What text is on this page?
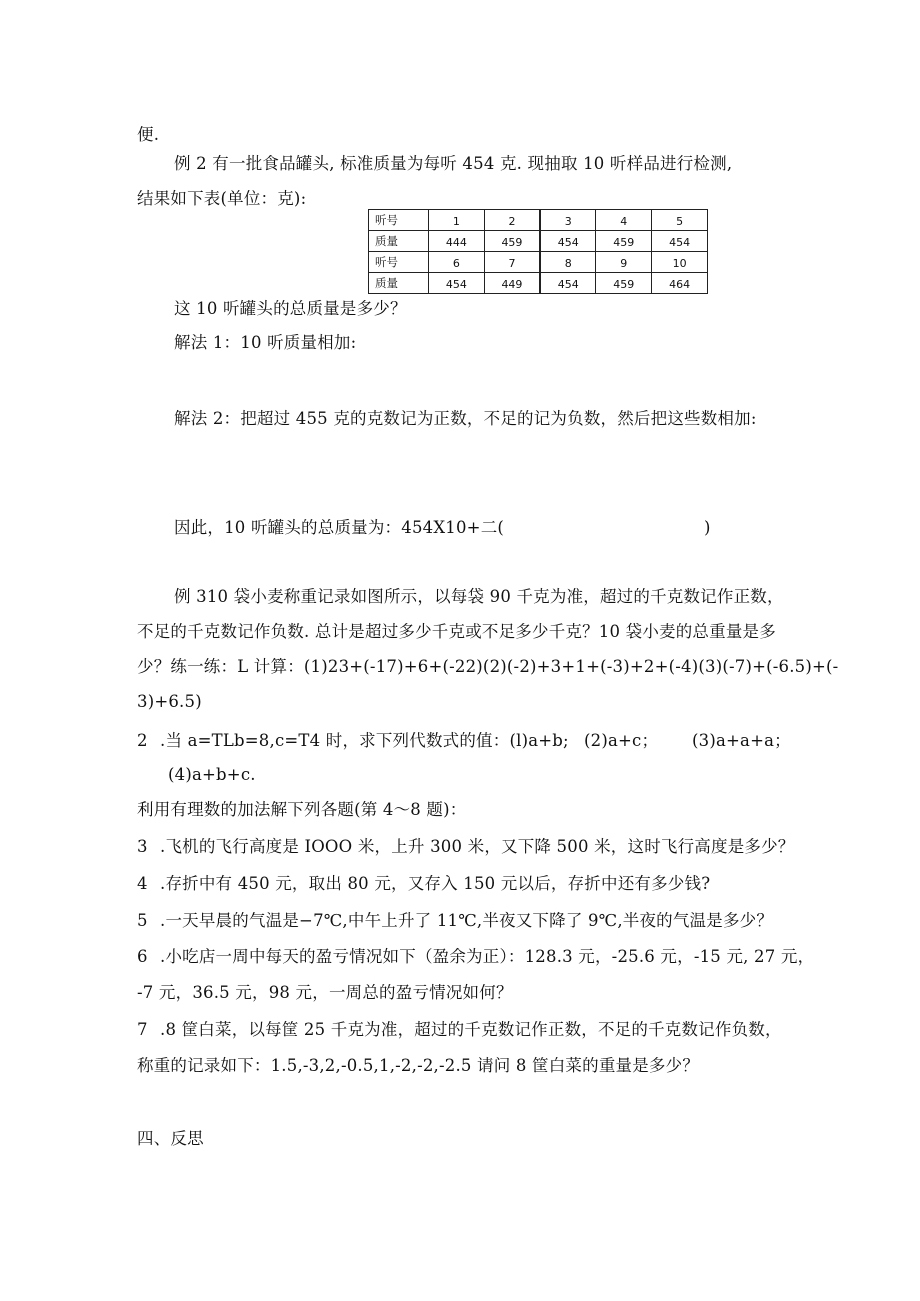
便.
例 2 有一批食品罐头, 标准质量为每听 454 克. 现抽取 10 听样品进行检测,
结果如下表(单位：克):
听号	1	2	3	4	5
质量	444	459	454	459	454
听号	6	7	8	9	10
质量	454	449	454	459	464
这 10 听罐头的总质量是多少？
解法 1：10 听质量相加:
解法 2：把超过 455 克的克数记为正数，不足的记为负数，然后把这些数相加:
因此，10 听罐头的总质量为：454X10+二(	)
例 310 袋小麦称重记录如图所示，以每袋 90 千克为准，超过的千克数记作正数，
不足的千克数记作负数. 总计是超过多少千克或不足多少千克？10 袋小麦的总重量是多
少？练一练：L 计算：(1)23+(-17)+6+(-22)(2)(-2)+3+1+(-3)+2+(-4)(3)(-7)+(-6.5)+(-
3)+6.5)
2 .当 a=TLb=8,c=T4 时，求下列代数式的值：(l)a+b; (2)a+c； (3)a+a+a；
(4)a+b+c.
利用有理数的加法解下列各题(第 4～8 题)：
3 .飞机的飞行高度是 IOOO 米，上升 300 米，又下降 500 米，这时飞行高度是多少？
4 .存折中有 450 元，取出 80 元，又存入 150 元以后，存折中还有多少钱?
5 .一天早晨的气温是−7℃,中午上升了 11℃,半夜又下降了 9℃,半夜的气温是多少？
6 .小吃店一周中每天的盈亏情况如下（盈余为正）：128.3 元，-25.6 元，-15 元, 27 元，
-7 元，36.5 元，98 元，一周总的盈亏情况如何？
7 .8 筐白菜，以每筐 25 千克为准，超过的千克数记作正数，不足的千克数记作负数，
称重的记录如下：1.5,-3,2,-0.5,1,-2,-2,-2.5 请问 8 筐白菜的重量是多少？
四、反思
